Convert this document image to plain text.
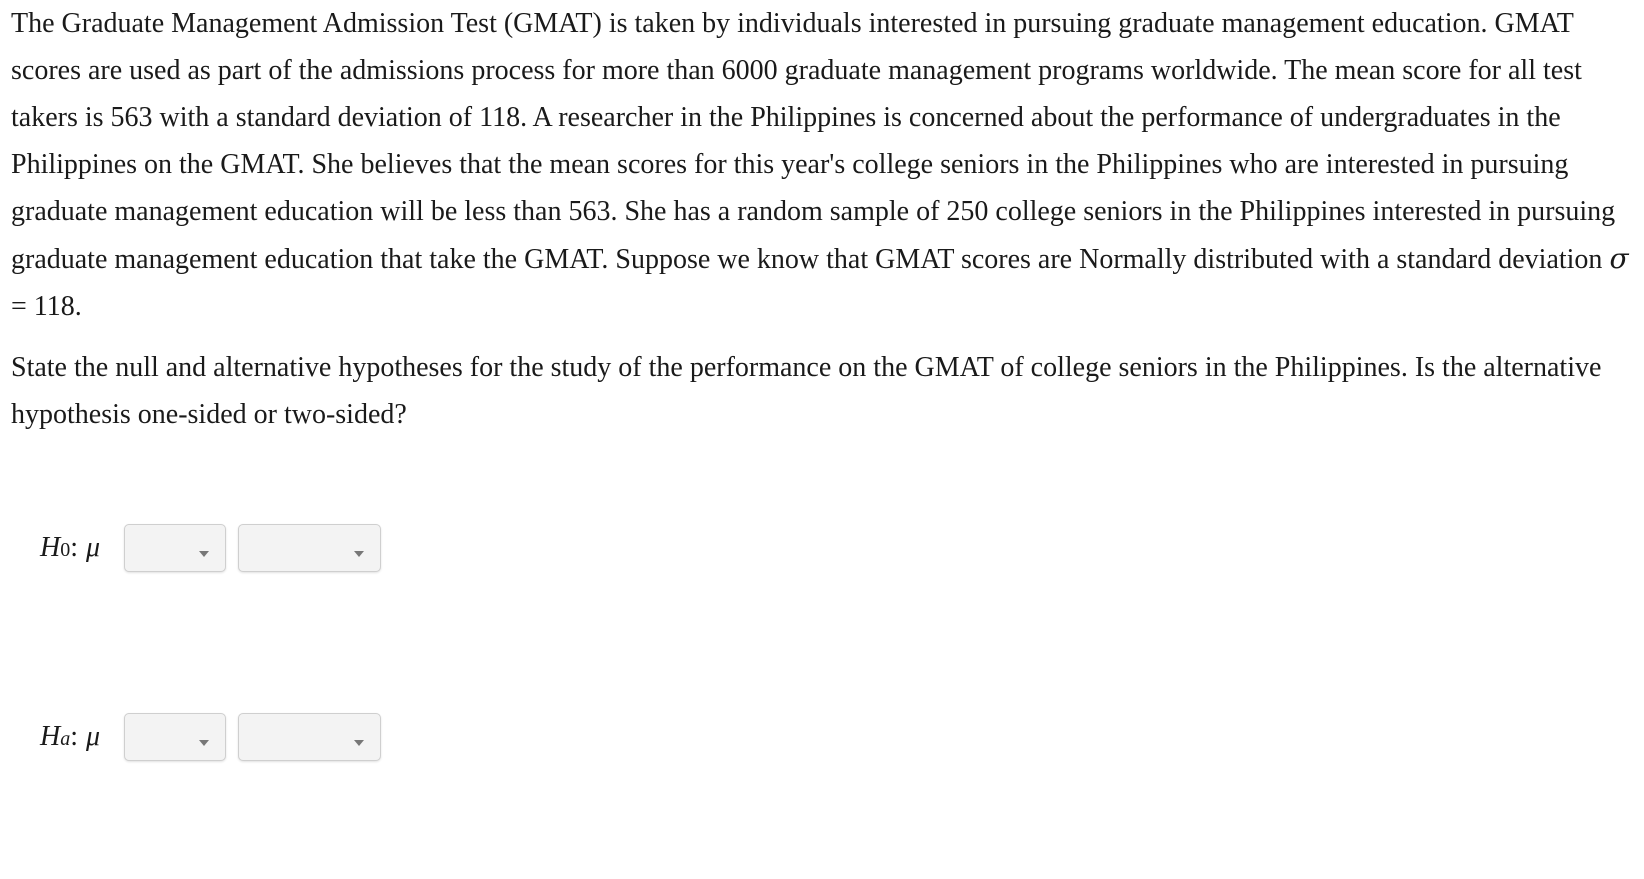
The Graduate Management Admission Test (GMAT) is taken by individuals interested in pursuing graduate management education. GMAT scores are used as part of the admissions process for more than 6000 graduate management programs worldwide. The mean score for all test takers is 563 with a standard deviation of 118. A researcher in the Philippines is concerned about the performance of undergraduates in the Philippines on the GMAT. She believes that the mean scores for this year's college seniors in the Philippines who are interested in pursuing graduate management education will be less than 563. She has a random sample of 250 college seniors in the Philippines interested in pursuing graduate management education that take the GMAT. Suppose we know that GMAT scores are Normally distributed with a standard deviation σ = 118.

State the null and alternative hypotheses for the study of the performance on the GMAT of college seniors in the Philippines. Is the alternative hypothesis one-sided or two-sided?

H 0 : μ
H a : μ
